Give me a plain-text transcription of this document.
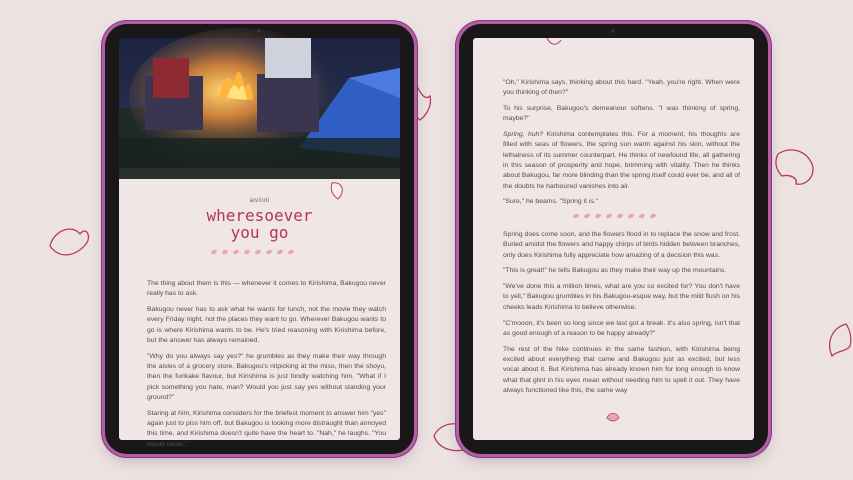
aiviloti
wheresoever
you go

The thing about them is this — whenever it comes to Kirishima, Bakugou never really has to ask.

Bakugou never has to ask what he wants for lunch, not the movie they watch every Friday night, not the places they want to go. Wherever Bakugou wants to go is where Kirishima wants to be. He's tried reasoning with Kirishima before, but the answer has always remained.

"Why do you always say yes?" he grumbles as they make their way through the aisles of a grocery store. Bakugou's nitpicking at the miso, then the shoyu, then the furikake flavour, but Kirishima is just fondly watching him. "What if I pick something you hate, man? Would you just say yes without standing your ground?"

Staring at him, Kirishima considers for the briefest moment to answer him "yes" again just to piss him off, but Bakugou is looking more distraught than annoyed this time, and Kirishima doesn't quite have the heart to. "Nah," he laughs. "You would never."

"Oh," Kirishima says, thinking about this hard. "Yeah, you're right. When were you thinking of then?"

To his surprise, Bakugou's demeanour softens. "I was thinking of spring, maybe?"

Spring, huh? Kirishima contemplates this. For a moment, his thoughts are filled with seas of flowers, the spring sun warm against his skin, without the lethalness of its summer counterpart. He thinks of newfound life, all gathering in this season of prosperity and hope, brimming with vitality. Then he thinks about Bakugou, far more blinding than the spring itself could ever be, and all of the doubts he harboured vanishes into air.

"Sure," he beams. "Spring it is."

Spring does come soon, and the flowers flood in to replace the snow and frost. Buried amidst the flowers and happy chirps of birds hidden between branches, only does Kirishima fully appreciate how amazing of a decision this was.

"This is great!" he tells Bakugou as they make their way up the mountains.

"We've done this a million times, what are you so excited for? You don't have to yell," Bakugou grumbles in his Bakugou-esque way, but the mild flush on his cheeks leads Kirishima to believe otherwise.

"C'mooon, it's been so long since we last got a break. It's also spring, isn't that as good enough of a reason to be happy already?"

The rest of the hike continues in the same fashion, with Kirishima being excited about everything that came and Bakugou just as excited, but less vocal about it. But Kirishima has already known him for long enough to know what that glint in his eyes mean without needing him to spell it out. They have always functioned like this, the same way
